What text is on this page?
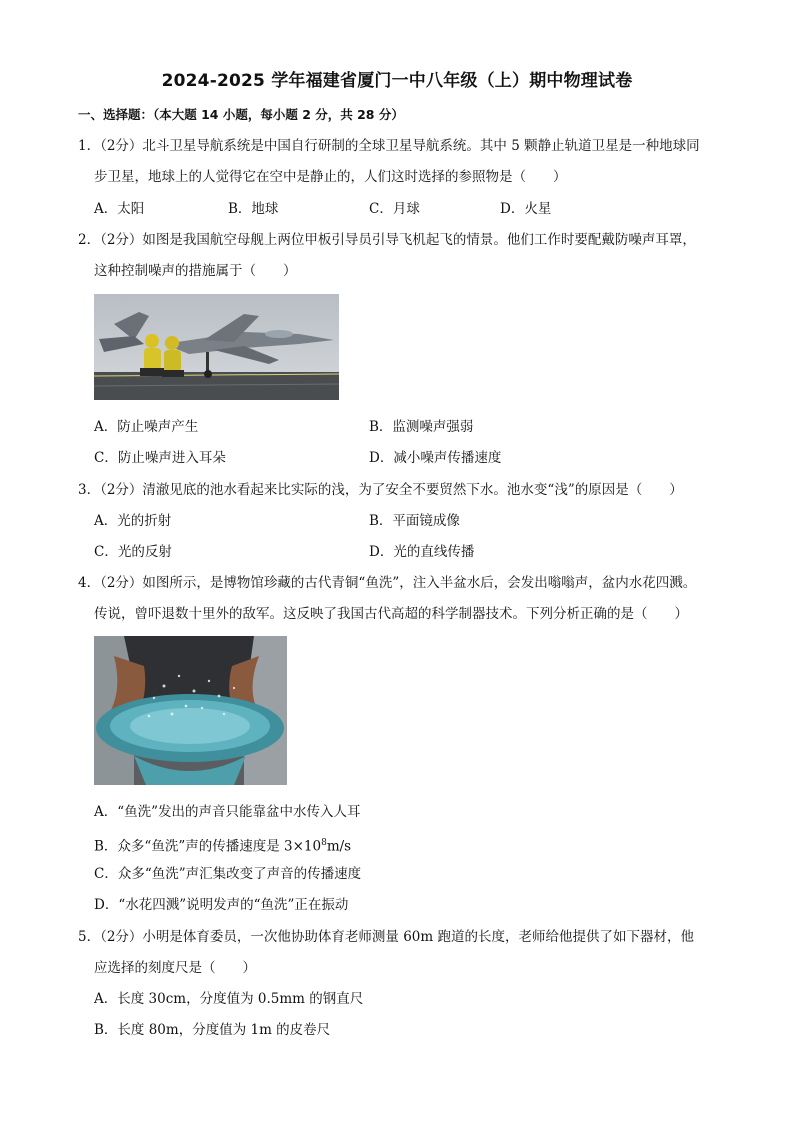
2024-2025 学年福建省厦门一中八年级（上）期中物理试卷
一、选择题：（本大题 14 小题，每小题 2 分，共 28 分）
1．（2分）北斗卫星导航系统是中国自行研制的全球卫星导航系统。其中 5 颗静止轨道卫星是一种地球同
步卫星，地球上的人觉得它在空中是静止的，人们这时选择的参照物是（　　）
A．太阳	B．地球	C．月球	D．火星
2．（2分）如图是我国航空母舰上两位甲板引导员引导飞机起飞的情景。他们工作时要配戴防噪声耳罩，
这种控制噪声的措施属于（　　）
A．防止噪声产生	B．监测噪声强弱
C．防止噪声进入耳朵	D．减小噪声传播速度
3．（2分）清澈见底的池水看起来比实际的浅，为了安全不要贸然下水。池水变“浅”的原因是（　　）
A．光的折射	B．平面镜成像
C．光的反射	D．光的直线传播
4．（2分）如图所示，是博物馆珍藏的古代青铜“鱼洗”，注入半盆水后，会发出嗡嗡声，盆内水花四溅。
传说，曾吓退数十里外的敌军。这反映了我国古代高超的科学制器技术。下列分析正确的是（　　）
A．“鱼洗”发出的声音只能靠盆中水传入人耳
B．众多“鱼洗”声的传播速度是 $3\times 10^8m/s$
C．众多“鱼洗”声汇集改变了声音的传播速度
D．“水花四溅”说明发声的“鱼洗”正在振动
5．（2分）小明是体育委员，一次他协助体育老师测量 60m 跑道的长度，老师给他提供了如下器材，他
应选择的刻度尺是（　　）
A．长度 30cm，分度值为 0.5mm 的钢直尺
B．长度 80m，分度值为 1m 的皮卷尺
